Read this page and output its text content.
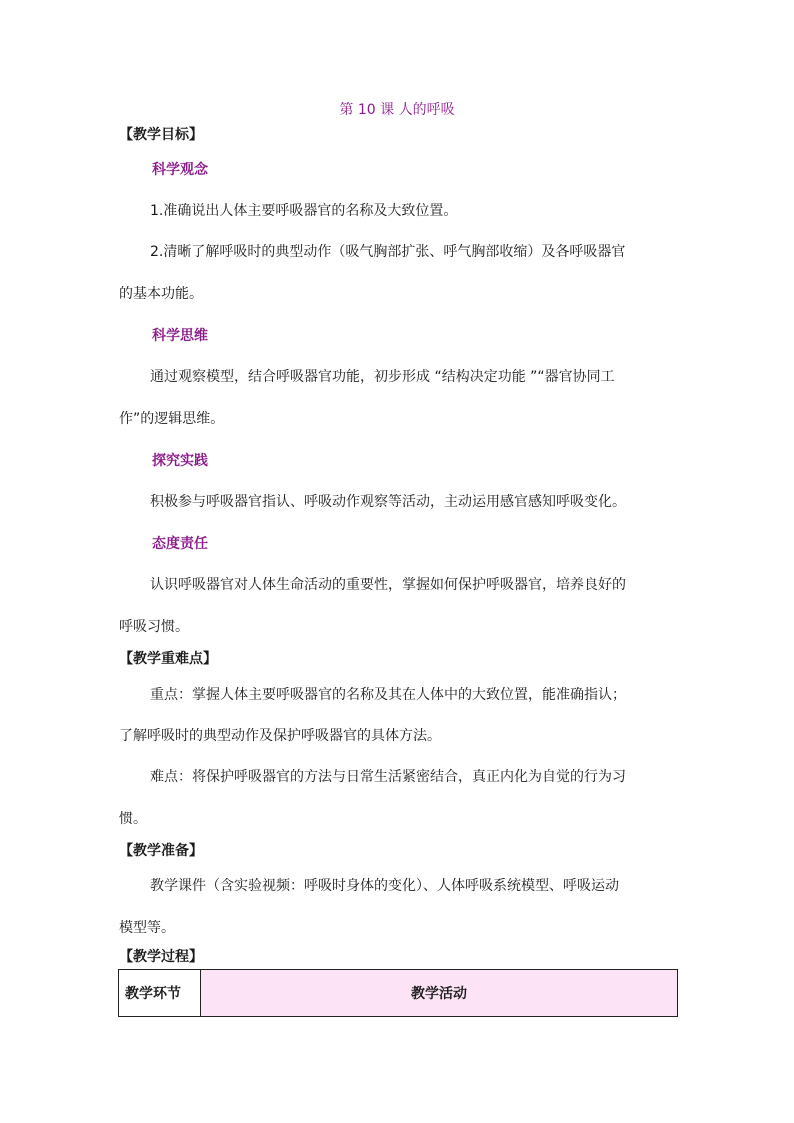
第 10 课 人的呼吸
【教学目标】
科学观念
1.准确说出人体主要呼吸器官的名称及大致位置。
2.清晰了解呼吸时的典型动作（吸气胸部扩张、呼气胸部收缩）及各呼吸器官
的基本功能。
科学思维
通过观察模型，结合呼吸器官功能，初步形成 “结构决定功能 ”“器官协同工
作”的逻辑思维。
探究实践
积极参与呼吸器官指认、呼吸动作观察等活动，主动运用感官感知呼吸变化。
态度责任
认识呼吸器官对人体生命活动的重要性，掌握如何保护呼吸器官，培养良好的
呼吸习惯。
【教学重难点】
重点：掌握人体主要呼吸器官的名称及其在人体中的大致位置，能准确指认；
了解呼吸时的典型动作及保护呼吸器官的具体方法。
难点：将保护呼吸器官的方法与日常生活紧密结合，真正内化为自觉的行为习
惯。
【教学准备】
教学课件（含实验视频：呼吸时身体的变化）、人体呼吸系统模型、呼吸运动
模型等。
【教学过程】
教学环节	教学活动
